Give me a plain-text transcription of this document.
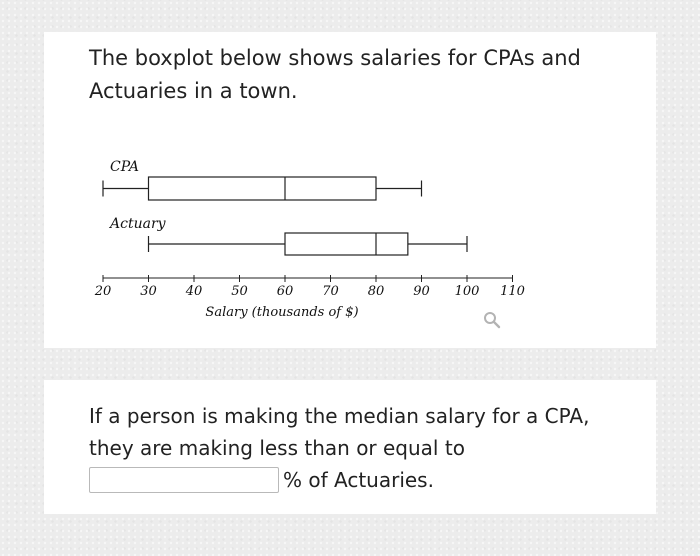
The boxplot below shows salaries for CPAs and Actuaries in a town.

CPA
Actuary
20 30 40 50 60 70 80 90 100 110
Salary (thousands of $)
If a person is making the median salary for a CPA,
they are making less than or equal to
% of Actuaries.
